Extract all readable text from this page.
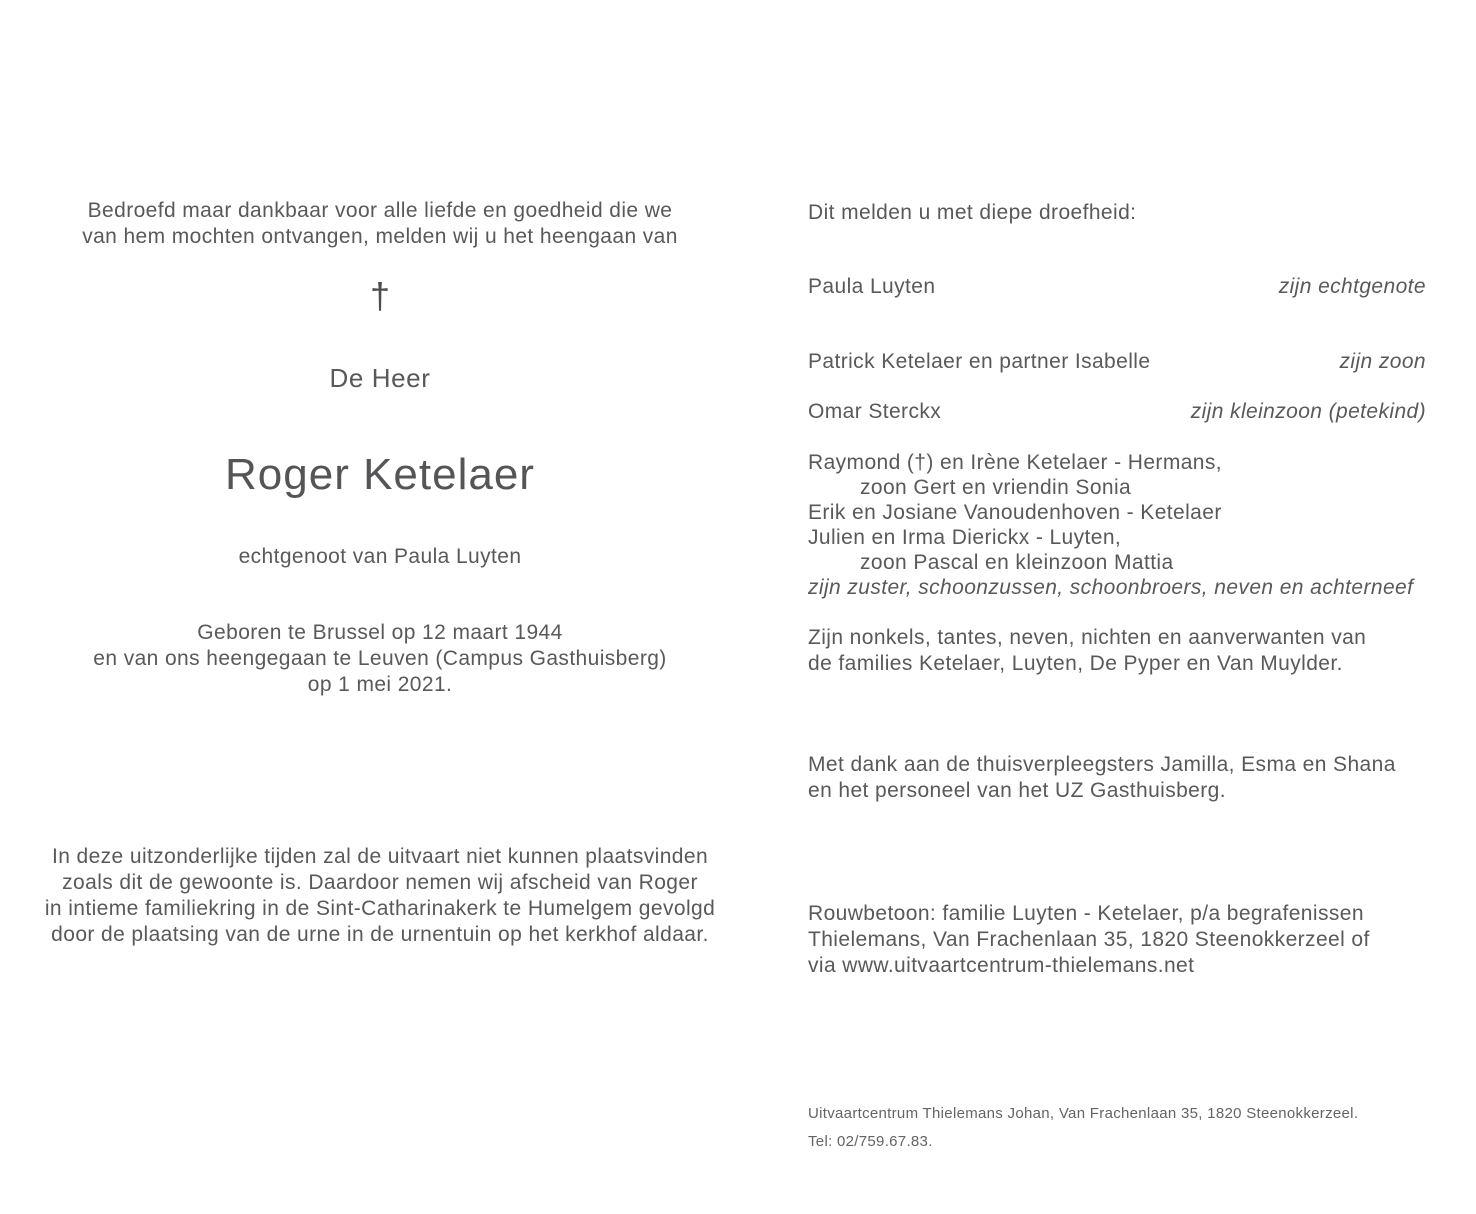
Bedroefd maar dankbaar voor alle liefde en goedheid die we
van hem mochten ontvangen, melden wij u het heengaan van
†
De Heer
Roger Ketelaer
echtgenoot van Paula Luyten
Geboren te Brussel op 12 maart 1944
en van ons heengegaan te Leuven (Campus Gasthuisberg)
op 1 mei 2021.
In deze uitzonderlijke tijden zal de uitvaart niet kunnen plaatsvinden
zoals dit de gewoonte is. Daardoor nemen wij afscheid van Roger
in intieme familiekring in de Sint-Catharinakerk te Humelgem gevolgd
door de plaatsing van de urne in de urnentuin op het kerkhof aldaar.
Dit melden u met diepe droefheid:
Paula Luyten	zijn echtgenote
Patrick Ketelaer en partner Isabelle	zijn zoon
Omar Sterckx	zijn kleinzoon (petekind)
Raymond (†) en Irène Ketelaer - Hermans,
zoon Gert en vriendin Sonia
Erik en Josiane Vanoudenhoven - Ketelaer
Julien en Irma Dierickx - Luyten,
zoon Pascal en kleinzoon Mattia
zijn zuster, schoonzussen, schoonbroers, neven en achterneef
Zijn nonkels, tantes, neven, nichten en aanverwanten van
de families Ketelaer, Luyten, De Pyper en Van Muylder.
Met dank aan de thuisverpleegsters Jamilla, Esma en Shana
en het personeel van het UZ Gasthuisberg.
Rouwbetoon: familie Luyten - Ketelaer, p/a begrafenissen
Thielemans, Van Frachenlaan 35, 1820 Steenokkerzeel of
via www.uitvaartcentrum-thielemans.net
Uitvaartcentrum Thielemans Johan, Van Frachenlaan 35, 1820 Steenokkerzeel.
Tel: 02/759.67.83.
